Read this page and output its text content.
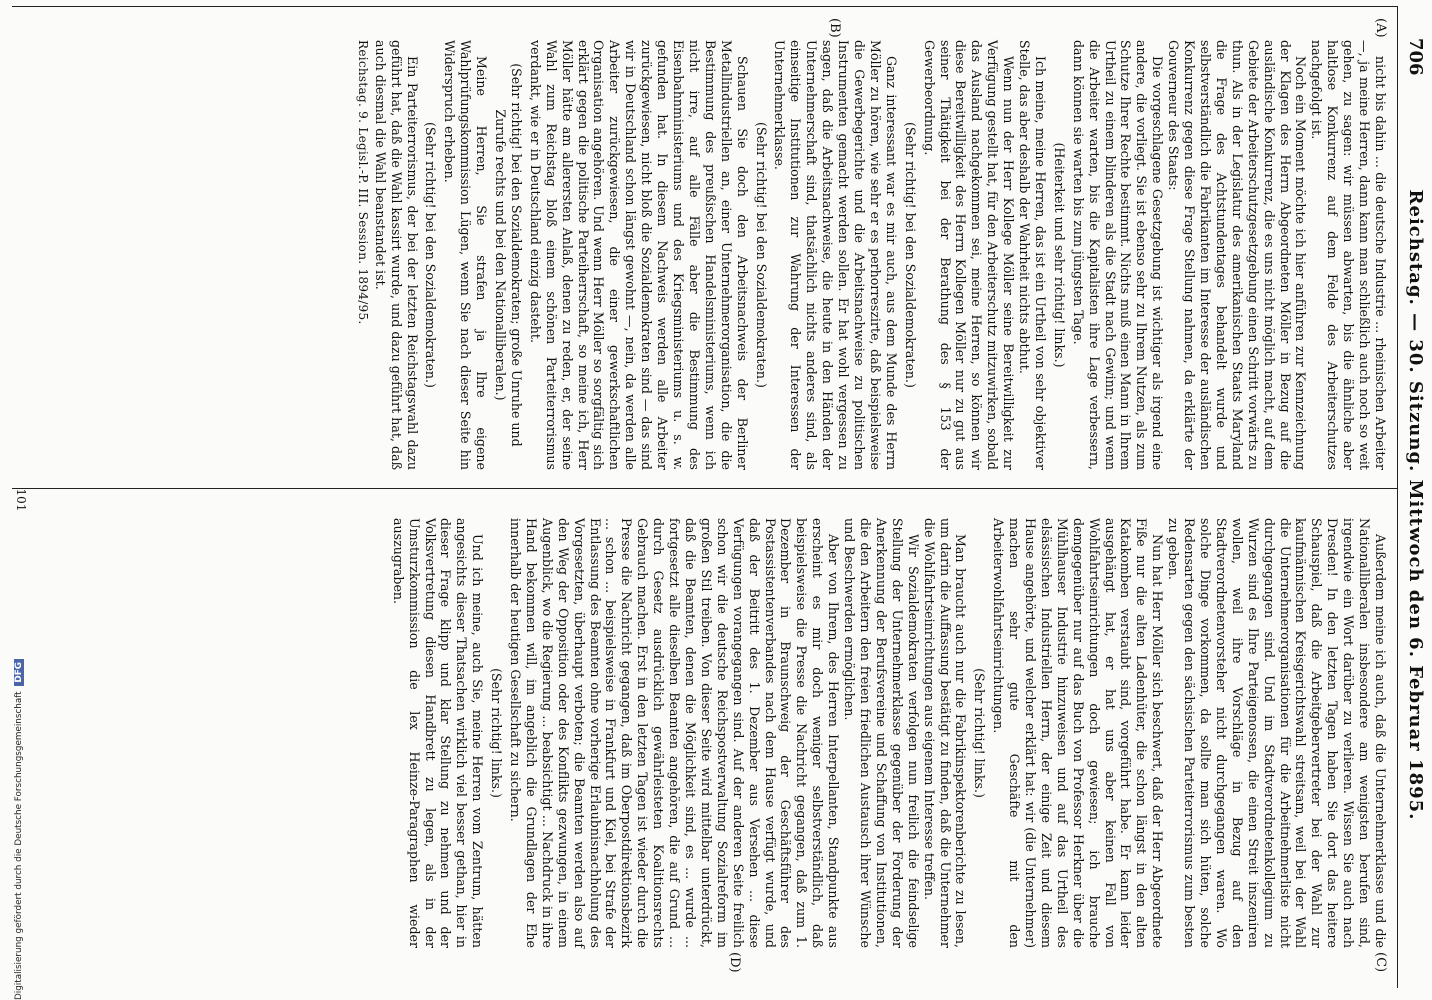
706
Reichstag. — 30. Sitzung. Mittwoch den 6. Februar 1895.
(A)
(B)
(C)
(D)

nicht bis dahin ... die deutsche Industrie ... rheinischen Arbeiter —, ja meine Herren, dann kann man schließlich auch noch so weit gehen, zu sagen: wir müssen abwarten, bis die ähnliche aber haltlose Konkurrenz auf dem Felde des Arbeiterschutzes nachgefolgt ist.

Noch ein Moment möchte ich hier anführen zur Kennzeichnung der Klagen des Herrn Abgeordneten Möller in Bezug auf die ausländische Konkurrenz, die es uns nicht möglich macht, auf dem Gebiete der Arbeiterschutzgesetzgebung einen Schritt vorwärts zu thun. Als in der Legislatur des amerikanischen Staats Maryland die Frage des Achtstundentages behandelt wurde und selbstverständlich die Fabrikanten im Interesse der ausländischen Konkurrenz gegen diese Frage Stellung nahmen, da erklärte der Gouverneur des Staats:

Die vorgeschlagene Gesetzgebung ist wichtiger als irgend eine andere, die vorliegt. Sie ist ebenso sehr zu Ihrem Nutzen, als zum Schutze Ihrer Rechte bestimmt. Nichts muß einen Mann in Ihrem Urtheil zu einem blinderen als die Stadt nach Gewinn; und wenn die Arbeiter warten, bis die Kapitalisten ihre Lage verbessern, dann können sie warten bis zum jüngsten Tage.

(Heiterkeit und sehr richtig! links.)

Ich meine, meine Herren, das ist ein Urtheil von sehr objektiver Stelle, das aber deshalb der Wahrheit nichts abthut.

Wenn nun der Herr Kollege Möller seine Bereitwilligkeit zur Verfügung gestellt hat, für den Arbeiterschutz mitzuwirken, sobald das Ausland nachgekommen sei, meine Herren, so können wir diese Bereitwilligkeit des Herrn Kollegen Möller nur zu gut aus seiner Thätigkeit bei der Berathung des § 153 der Gewerbeordnung.

(Sehr richtig! bei den Sozialdemokraten.)

Ganz interessant war es mir auch, aus dem Munde des Herrn Möller zu hören, wie sehr er es perhorreszirte, daß beispielsweise die Gewerbegerichte und die Arbeitsnachweise zu politischen Instrumenten gemacht werden sollen. Er hat wohl vergessen zu sagen, daß die Arbeitsnachweise, die heute in den Händen der Unternehmerschaft sind, thatsächlich nichts anderes sind, als einseitige Institutionen zur Wahrung der Interessen der Unternehmerklasse.

(Sehr richtig! bei den Sozialdemokraten.)

Schauen Sie doch den Arbeitsnachweis der Berliner Metallindustriellen an, einer Unternehmerorganisation, die die Bestimmung des preußischen Handelsministeriums, wenn ich nicht irre, auf alle Fälle aber die Bestimmung des Eisenbahnministeriums und des Kriegsministeriums u. s. w. gefunden hat. In diesem Nachweis werden alle Arbeiter zurückgewiesen, nicht bloß die Sozialdemokraten sind — das sind wir in Deutschland schon längst gewohnt —, nein, da werden alle Arbeiter zurückgewiesen, die einer gewerkschaftlichen Organisation angehören. Und wenn Herr Möller so sorgfältig sich erklärt gegen die politische Parteiherrschaft, so meine ich, Herr Möller hätte am allerersten Anlaß, denen zu reden, er, der seine Wahl zum Reichstag bloß einem schönen Parteiterrorismus verdankt, wie er in Deutschland einzig dasteht.

(Sehr richtig! bei den Sozialdemokraten; große Unruhe und Zurufe rechts und bei den Nationalliberalen.)

Meine Herren, Sie strafen ja Ihre eigene Wahlprüfungskommission Lügen, wenn Sie nach dieser Seite hin Widerspruch erheben.

(Sehr richtig! bei den Sozialdemokraten.)

Ein Parteiterrorismus, der bei der letzten Reichstagswahl dazu geführt hat, daß die Wahl kassirt wurde, und dazu geführt hat, daß auch diesmal die Wahl beanstandet ist.

Reichstag. 9. Legisl.-P. III. Session. 1894/95.

Außerdem meine ich auch, daß die Unternehmerklasse und die Nationalliberalen insbesondere am wenigsten berufen sind, irgendwie ein Wort darüber zu verlieren. Wissen Sie auch nach Dresden! In den letzten Tagen haben Sie dort das heitere Schauspiel, daß die Arbeitgebervertreter bei der Wahl zur kaufmännischen Kreisgerichtswahl streitsam, weil bei der Wahl die Unternehmerorganisationen für die Arbeitnehmerliste nicht durchgegangen sind. Und im Stadtverordnetenkollegium zu Wurzen sind es Ihre Parteigenossen, die einen Streit inszeniren wollen, weil ihre Vorschläge in Bezug auf den Stadtverordnetenvorsteher nicht durchgegangen waren. Wo solche Dinge vorkommen, da sollte man sich hüten, solche Redensarten gegen den sächsischen Parteiterrorismus zum besten zu geben.

Nun hat Herr Möller sich beschwert, daß der Herr Abgeordnete Fiße nur die alten Ladenhüter, die schon längst in den alten Katakomben verstaubt sind, vorgeführt habe. Er kann leider ausgehängt hat, er hat uns aber keinen Fall von Wohlfahrtseinrichtungen doch gewiesen; ich brauche demgegenüber nur auf das Buch von Professor Herkner über die Mühlhauser Industrie hinzuweisen und auf das Urtheil des elsässischen Industriellen Herrn, der einige Zeit und diesem Hause angehörte, und welcher erklärt hat: wir (die Unternehmer) machen sehr gute Geschäfte mit den Arbeiterwohlfahrtseinrichtungen.

(Sehr richtig! links.)

Man braucht auch nur die Fabrikinspektorenberichte zu lesen, um darin die Auffassung bestätigt zu finden, daß die Unternehmer die Wohlfahrtseinrichtungen aus eigenem Interesse treffen.

Wir Sozialdemokraten verfolgen nun freilich die feindselige Stellung der Unternehmerklasse gegenüber der Forderung der Anerkennung der Berufsvereine und Schaffung von Institutionen, die den Arbeitern den freien friedlichen Austausch ihrer Wünsche und Beschwerden ermöglichen.

Aber von Ihrem, des Herren Interpellanten, Standpunkte aus erscheint es mir doch weniger selbstverständlich, daß beispielsweise die Presse die Nachricht gegangen, daß zum 1. Dezember in Braunschweig der Geschäftsführer des Postassistentenverbandes nach dem Hause verfügt wurde, und daß der Beitritt des 1. Dezember aus Versehen ... diese Verfügungen vorangegangen sind. Auf der anderen Seite freilich schon wir die deutsche Reichspostverwaltung Sozialreform im großen Stil treiben. Von dieser Seite wird mittelbar unterdrückt, daß die Beamten, denen die Möglichkeit sind, es ... wurde ... fortgesetzt alle dieselben Beamten angehören, die auf Grund ... durch Gesetz ausdrücklich gewährleisteten Koalitionsrechts Gebrauch machen. Erst in den letzten Tagen ist wieder durch die Presse die Nachricht gegangen, daß im Oberpostdirektionsbezirk ... schon ... beispielsweise in Frankfurt und Kiel, bei Strafe der Entlassung des Beamten ohne vorherige Erlaubnisnachholung des Vorgesetzten, überhaupt verboten; die Beamten werden also auf den Weg der Opposition oder des Konflikts gezwungen, in einem Augenblick, wo die Regierung ... beabsichtigt ... Nachdruck in ihre Hand bekommen will, im angeblich die Grundlagen der Ehe innerhalb der heutigen Gesellschaft zu sichern.

(Sehr richtig! links.)

Und ich meine, auch Sie, meine Herren vom Zentrum, hätten angesichts dieser Thatsachen wirklich viel besser gethan, hier in dieser Frage klipp und klar Stellung zu nehmen und der Volksvertretung diesen Handbrett zu legen, als in der Umsturzkommission die lex Heinze-Paragraphen wieder auszugraben.

101
Digitalisierung gefördert durch die Deutsche Forschungsgemeinschaft DFG
